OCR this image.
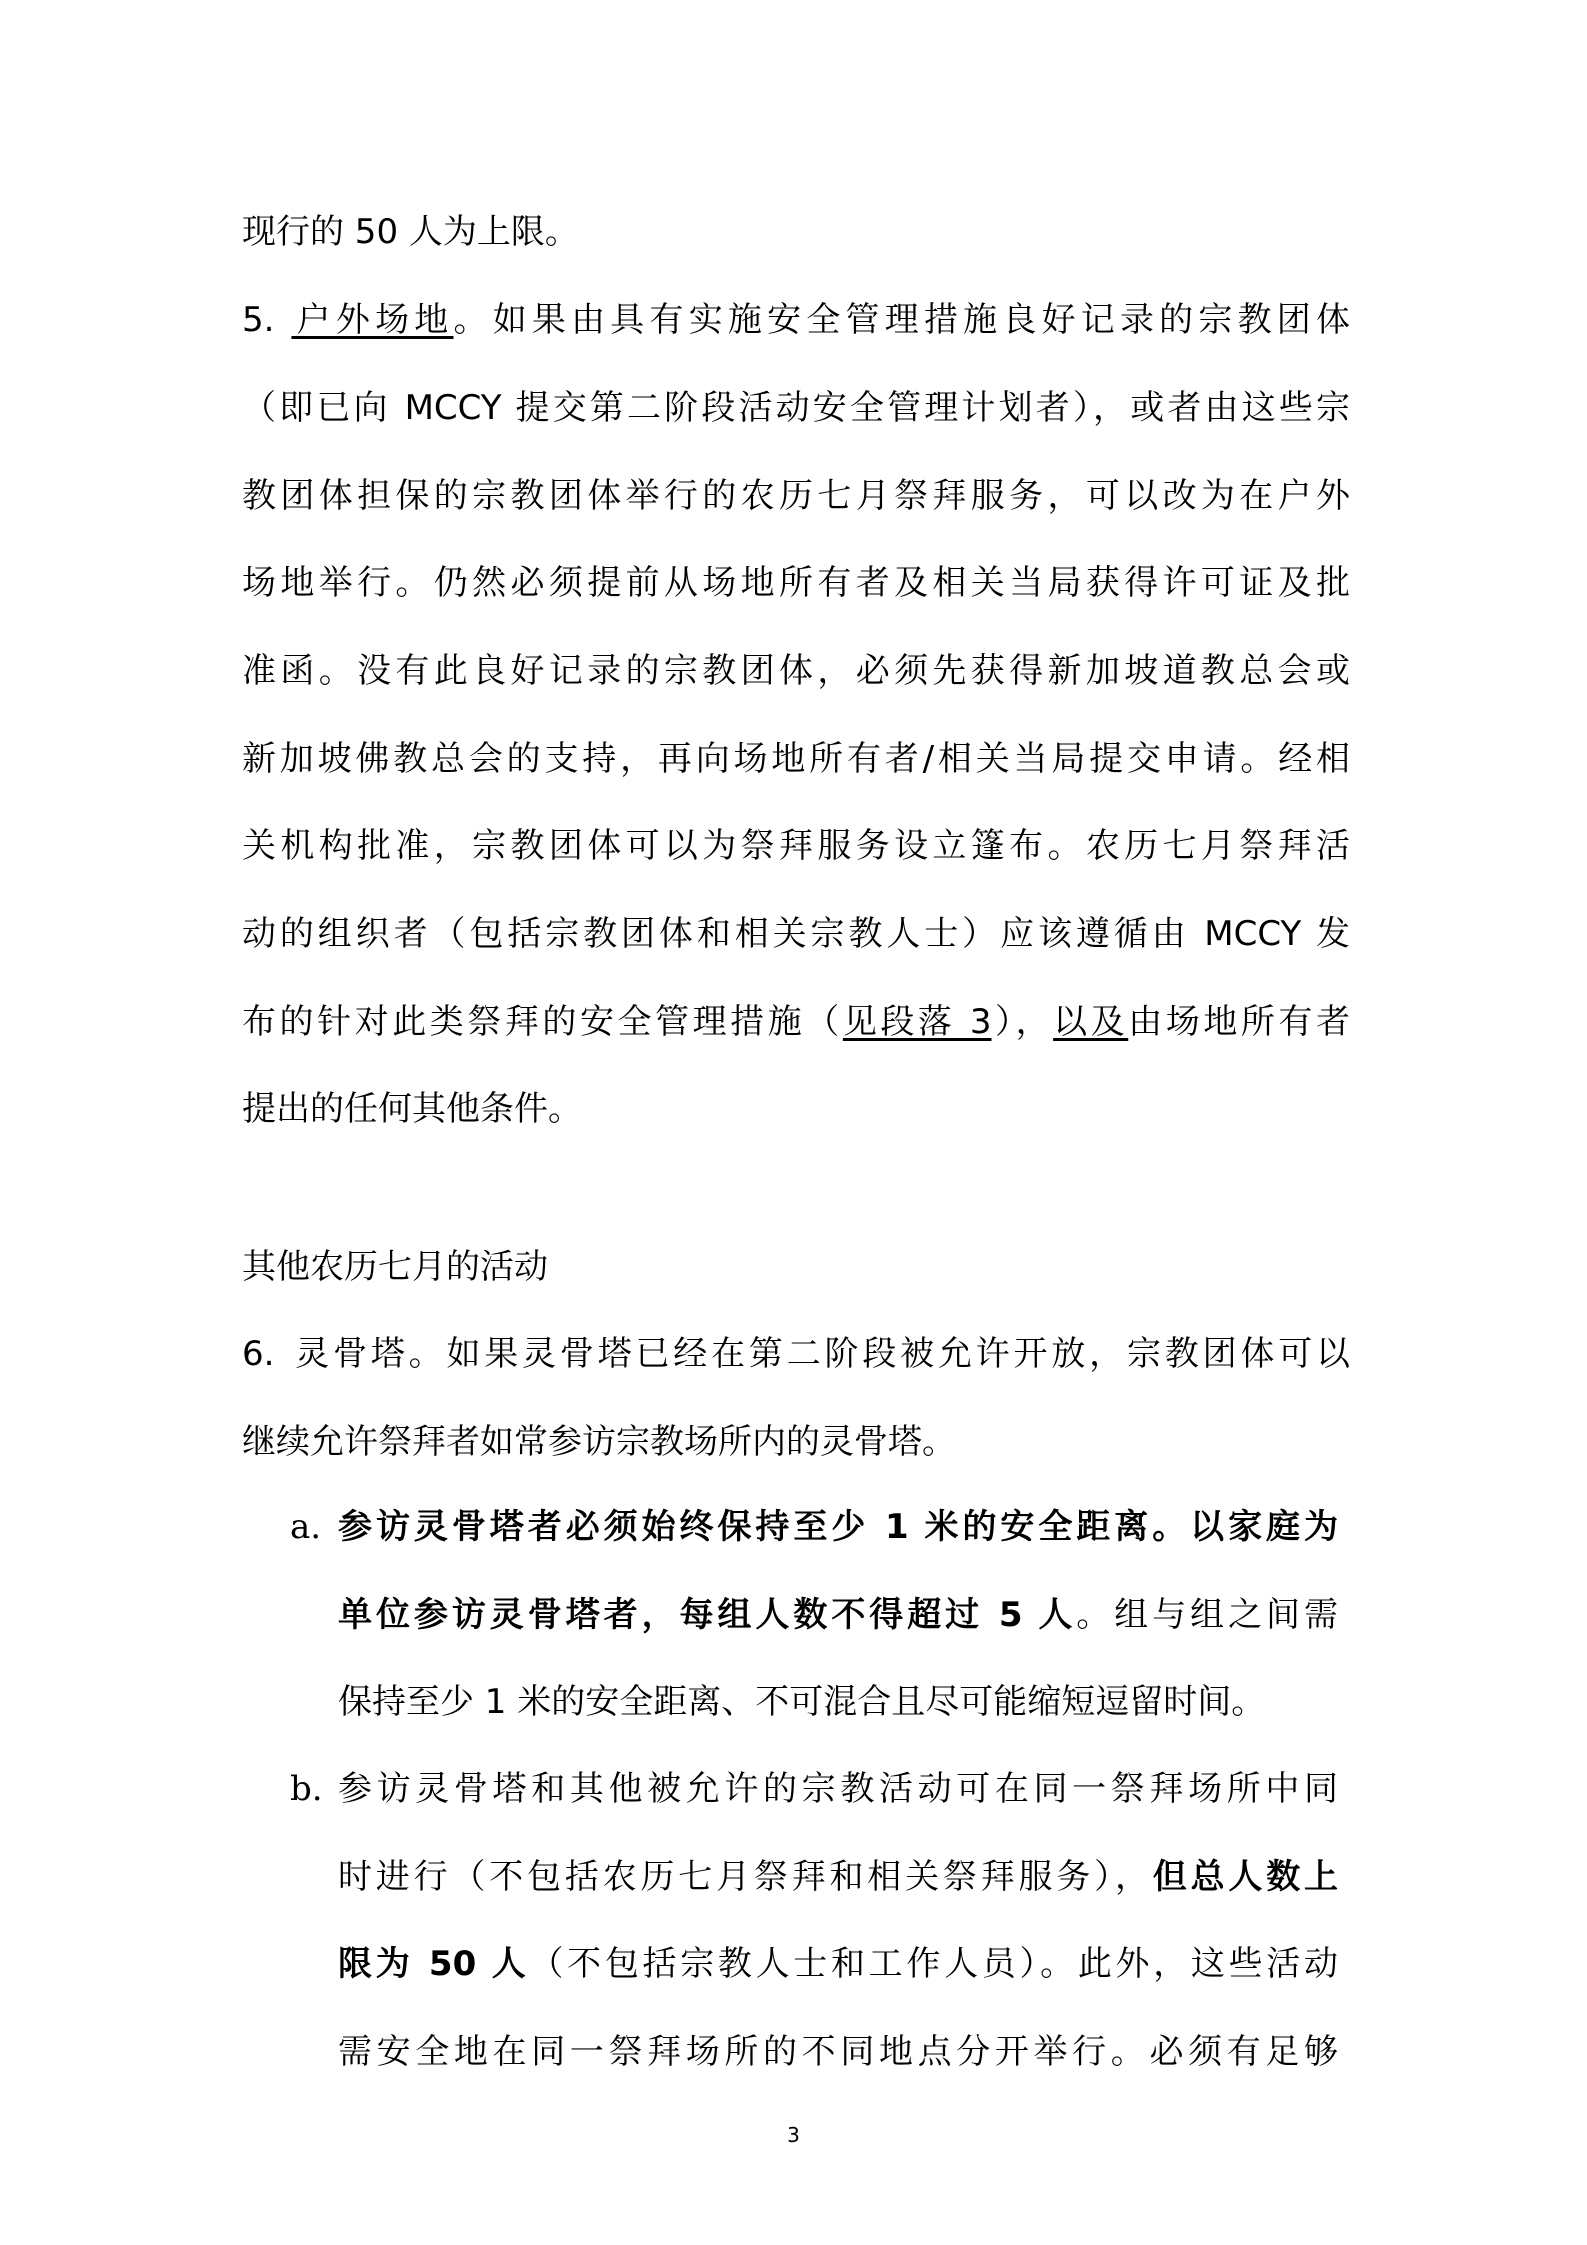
现行的 50 人为上限。
5.  户外场地。如果由具有实施安全管理措施良好记录的宗教团体
（即已向 MCCY 提交第二阶段活动安全管理计划者），或者由这些宗
教团体担保的宗教团体举行的农历七月祭拜服务，可以改为在户外
场地举行。仍然必须提前从场地所有者及相关当局获得许可证及批
准函。没有此良好记录的宗教团体，必须先获得新加坡道教总会或
新加坡佛教总会的支持，再向场地所有者/相关当局提交申请。经相
关机构批准，宗教团体可以为祭拜服务设立篷布。农历七月祭拜活
动的组织者（包括宗教团体和相关宗教人士）应该遵循由 MCCY 发
布的针对此类祭拜的安全管理措施（见段落 3），以及由场地所有者
提出的任何其他条件。
其他农历七月的活动
6.  灵骨塔。如果灵骨塔已经在第二阶段被允许开放，宗教团体可以
继续允许祭拜者如常参访宗教场所内的灵骨塔。
a. 参访灵骨塔者必须始终保持至少 1 米的安全距离。以家庭为
单位参访灵骨塔者，每组人数不得超过 5 人。组与组之间需
保持至少 1 米的安全距离、不可混合且尽可能缩短逗留时间。
b. 参访灵骨塔和其他被允许的宗教活动可在同一祭拜场所中同
时进行（不包括农历七月祭拜和相关祭拜服务），但总人数上
限为 50 人（不包括宗教人士和工作人员）。此外，这些活动
需安全地在同一祭拜场所的不同地点分开举行。必须有足够
3
